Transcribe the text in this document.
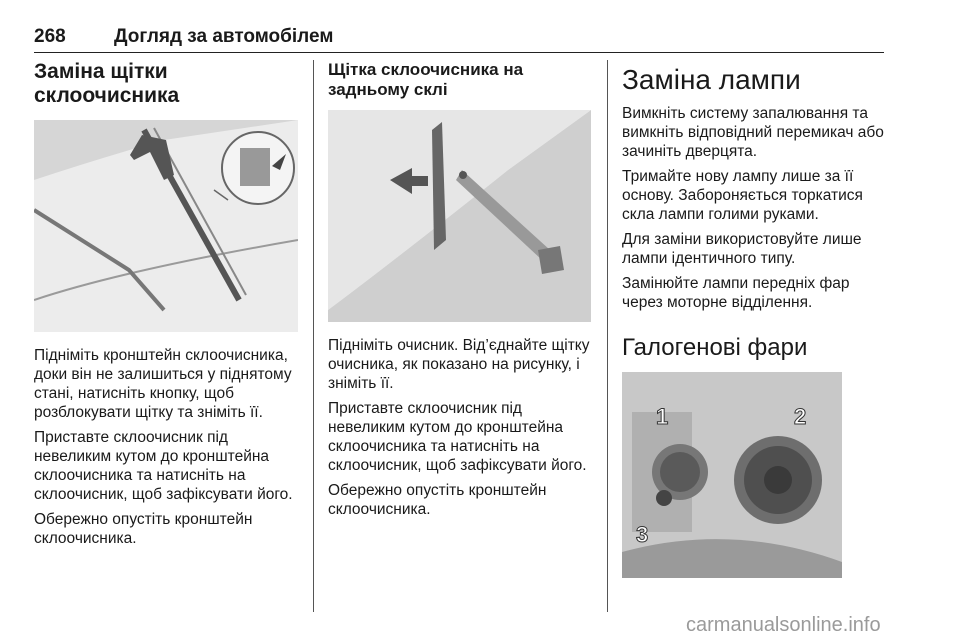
268	Догляд за автомобілем
Заміна щітки склоочисника

Підніміть кронштейн склоочисника, доки він не залишиться у піднятому стані, натисніть кнопку, щоб розблокувати щітку та зніміть її.

Приставте склоочисник під невеликим кутом до кронштейна склоочисника та натисніть на склоочисник, щоб зафіксувати його.

Обережно опустіть кронштейн склоочисника.

Щітка склоочисника на задньому склі

Підніміть очисник. Від’єднайте щітку очисника, як показано на рисунку, і зніміть її.

Приставте склоочисник під невеликим кутом до кронштейна склоочисника та натисніть на склоочисник, щоб зафіксувати його.

Обережно опустіть кронштейн склоочисника.

Заміна лампи

Вимкніть систему запалювання та вимкніть відповідний перемикач або зачиніть дверцята.

Тримайте нову лампу лише за її основу. Забороняється торкатися скла лампи голими руками.

Для заміни використовуйте лише лампи ідентичного типу.

Замінюйте лампи передніх фар через моторне відділення.

Галогенові фари
1	2
3
carmanualsonline.info
